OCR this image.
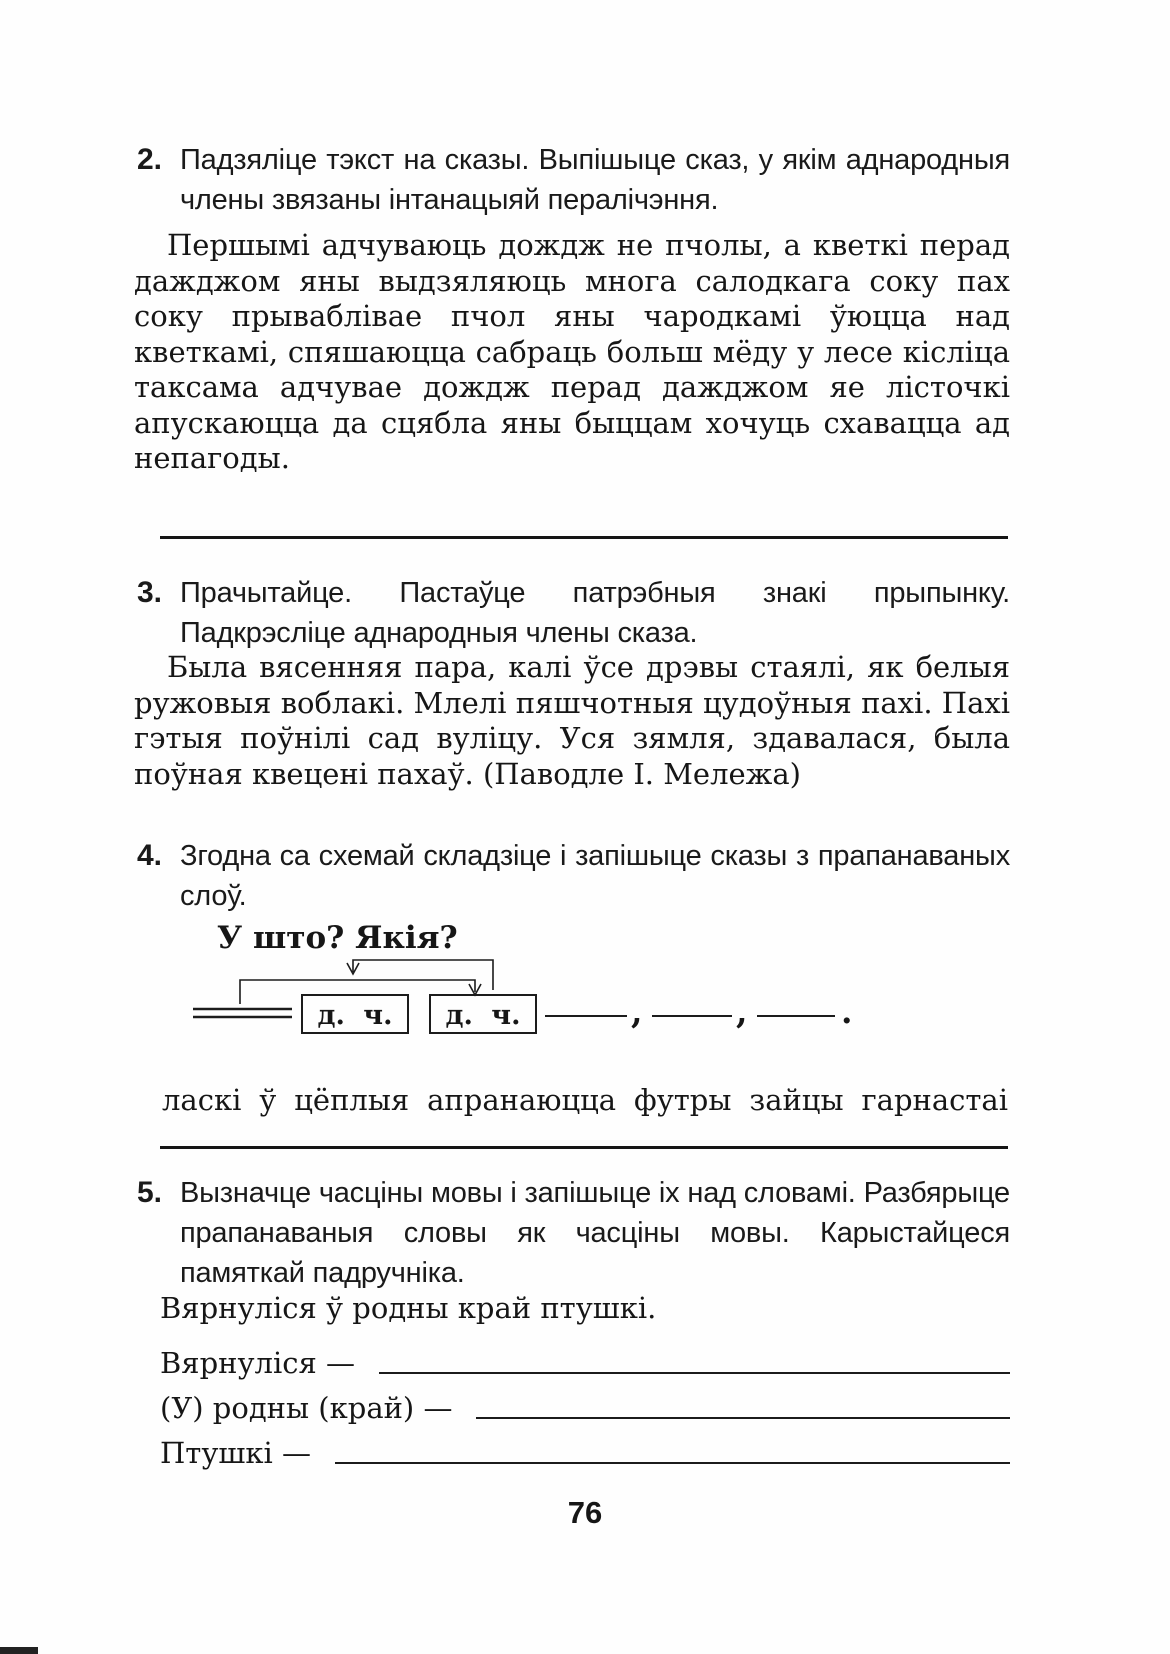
2. Падзяліце тэкст на сказы. Выпішыце сказ, у якім аднародныя члены звязаны інтанацыяй пералічэння.
Першымі адчуваюць дождж не пчолы, а кветкі перад дажджом яны выдзяляюць многа салодкага соку пах соку прываблівае пчол яны чародкамі ўюцца над кветкамі, спяшаюцца сабраць больш мёду у лесе кісліца таксама адчувае дождж перад дажджом яе лісточкі апускаюцца да сцябла яны быццам хочуць схавацца ад непагоды.
3. Прачытайце. Пастаўце патрэбныя знакі прыпынку. Падкрэсліце аднародныя члены сказа.
Была вясенняя пара, калі ўсе дрэвы стаялі, як белыя ружовыя воблакі. Млелі пяшчотныя цудоўныя пахі. Пахі гэтыя поўнілі сад вуліцу. Уся зямля, здавалася, была поўная квецені пахаў. (Паводле І. Мележа)
4. Згодна са схемай складзіце і запішыце сказы з прапанаваных слоў.
У што? Якія?
д. ч. д. ч.	,	,	.
ласкі ў цёплыя апранаюцца футры зайцы гарнастаі
5. Вызначце часціны мовы і запішыце іх над словамі. Разбярыце прапанаваныя словы як часціны мовы. Карыстайцеся памяткай падручніка.
Вярнуліся ў родны край птушкі.
Вярнуліся —
(У) родны (край) —
Птушкі —
76
